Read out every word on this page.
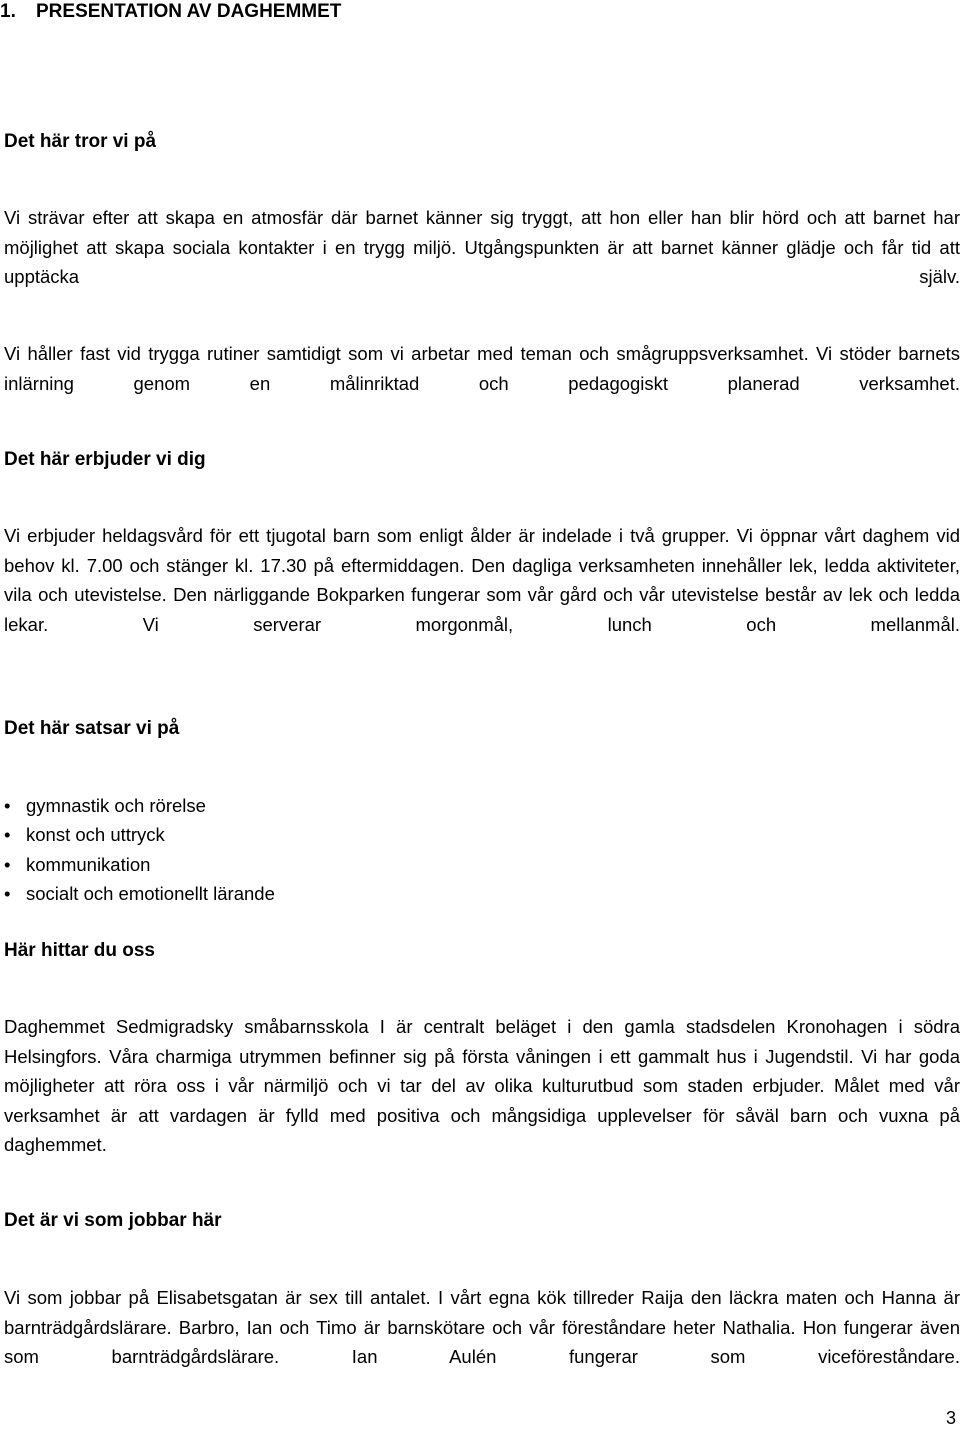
1. PRESENTATION AV DAGHEMMET
Det här tror vi på

Vi strävar efter att skapa en atmosfär där barnet känner sig tryggt, att hon eller han blir hörd och att barnet har möjlighet att skapa sociala kontakter i en trygg miljö. Utgångspunkten är att barnet känner glädje och får tid att upptäcka själv.

Vi håller fast vid trygga rutiner samtidigt som vi arbetar med teman och smågruppsverksamhet. Vi stöder barnets inlärning genom en målinriktad och pedagogiskt planerad verksamhet.

Det här erbjuder vi dig

Vi erbjuder heldagsvård för ett tjugotal barn som enligt ålder är indelade i två grupper. Vi öppnar vårt daghem vid behov kl. 7.00 och stänger kl. 17.30 på eftermiddagen. Den dagliga verksamheten innehåller lek, ledda aktiviteter, vila och utevistelse. Den närliggande Bokparken fungerar som vår gård och vår utevistelse består av lek och ledda lekar. Vi serverar morgonmål, lunch och mellanmål.

Det här satsar vi på
• gymnastik och rörelse
• konst och uttryck
• kommunikation
• socialt och emotionellt lärande
Här hittar du oss

Daghemmet Sedmigradsky småbarnsskola I är centralt beläget i den gamla stadsdelen Kronohagen i södra Helsingfors. Våra charmiga utrymmen befinner sig på första våningen i ett gammalt hus i Jugendstil. Vi har goda möjligheter att röra oss i vår närmiljö och vi tar del av olika kulturutbud som staden erbjuder. Målet med vår verksamhet är att vardagen är fylld med positiva och mångsidiga upplevelser för såväl barn och vuxna på daghemmet.

Det är vi som jobbar här

Vi som jobbar på Elisabetsgatan är sex till antalet. I vårt egna kök tillreder Raija den läckra maten och Hanna är barnträdgårdslärare. Barbro, Ian och Timo är barnskötare och vår föreståndare heter Nathalia. Hon fungerar även som barnträdgårdslärare. Ian Aulén fungerar som viceföreståndare.

3
